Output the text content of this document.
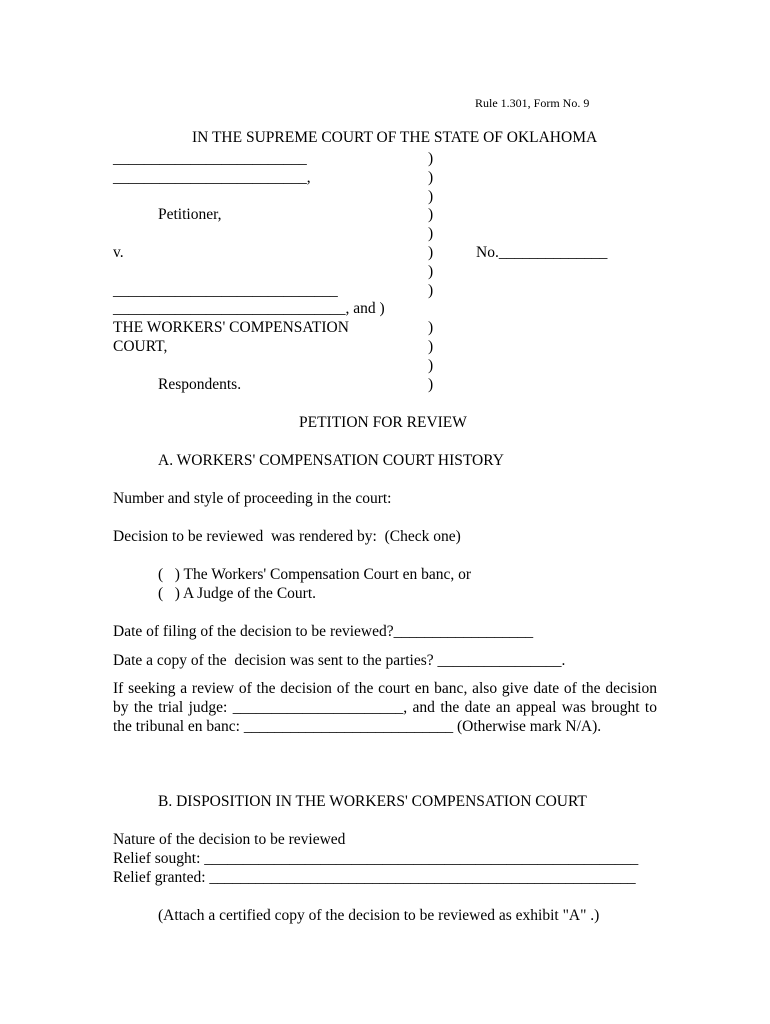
Rule 1.301, Form No. 9
IN THE SUPREME COURT OF THE STATE OF OKLAHOMA
_________________________
_________________________,
Petitioner,
v.
_____________________________
______________________________, and )
THE WORKERS' COMPENSATION
COURT,
Respondents.
)
)
)
)
)
)
)
)
)
)
)
)
No.______________
PETITION FOR REVIEW
A. WORKERS' COMPENSATION COURT HISTORY
Number and style of proceeding in the court:
Decision to be reviewed  was rendered by:  (Check one)
(   ) The Workers' Compensation Court en banc, or
(   ) A Judge of the Court.
Date of filing of the decision to be reviewed?__________________
Date a copy of the  decision was sent to the parties? ________________.
If seeking a review of the decision of the court en banc, also give date of the decision by the trial judge: ______________________, and the date an appeal was brought to the tribunal en banc: ___________________________ (Otherwise mark N/A).
B. DISPOSITION IN THE WORKERS' COMPENSATION COURT
Nature of the decision to be reviewed
Relief sought: ________________________________________________________
Relief granted: _______________________________________________________
(Attach a certified copy of the decision to be reviewed as exhibit "A" .)
